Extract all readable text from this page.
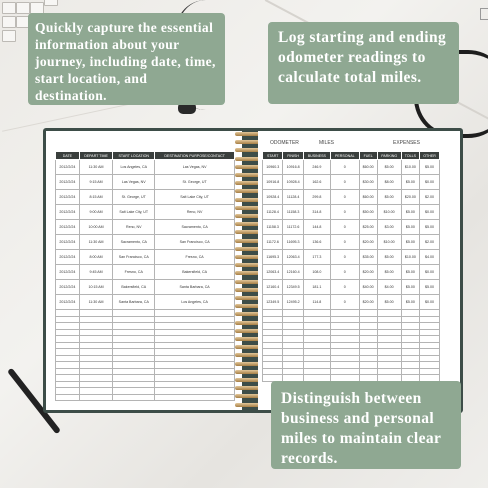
DATE	DEPART TIME	START LOCATION	DESTINATION PURPOSE/CONTACT
2012/2/24	11:30 AM	Los Angeles, CA	Las Vegas, NV
2012/2/24	9:15 AM	Las Vegas, NV	St. George, UT
2012/2/24	8:15 AM	St. George, UT	Salt Lake City, UT
2012/2/24	9:00 AM	Salt Lake City, UT	Reno, NV
2012/2/24	10:00 AM	Reno, NV	Sacramento, CA
2012/2/24	11:30 AM	Sacramento, CA	San Francisco, CA
2012/2/24	8:00 AM	San Francisco, CA	Fresno, CA
2012/2/24	9:45 AM	Fresno, CA	Bakersfield, CA
2012/2/24	10:15 AM	Bakersfield, CA	Santa Barbara, CA
2012/2/24	11:30 AM	Santa Barbara, CA	Los Angeles, CA

ODOMETER	MILES	EXPENSES
START	FINISH	BUSINESS	PERSONAL	FUEL	PARKING	TOLLS	OTHER
10960.3	10916.8	246.9	0	$60.00	$5.00	$10.00	$5.00
10916.8	10928.4	162.6	0	$30.00	$8.00	$5.00	$0.00
10928.4	11128.4	299.8	0	$60.00	$5.00	$20.00	$2.00
11128.4	11158.3	314.8	0	$50.00	$10.00	$5.00	$0.00
11158.3	11172.6	144.8	0	$25.00	$3.00	$5.00	$5.00
11172.6	11695.3	136.6	0	$20.00	$10.00	$5.00	$2.00
11695.3	12063.4	177.3	0	$35.00	$5.00	$10.00	$4.00
12063.4	12160.4	108.0	0	$20.00	$5.00	$5.00	$0.00
12160.4	12349.5	181.1	0	$40.00	$4.00	$5.00	$5.00
12349.5	12495.2	114.8	0	$20.00	$5.00	$5.00	$0.00

Quickly capture the essential information about your journey, including date, time, start location, and destination.
Log starting and ending odometer readings to calculate total miles.
Distinguish between business and personal miles to maintain clear records.
